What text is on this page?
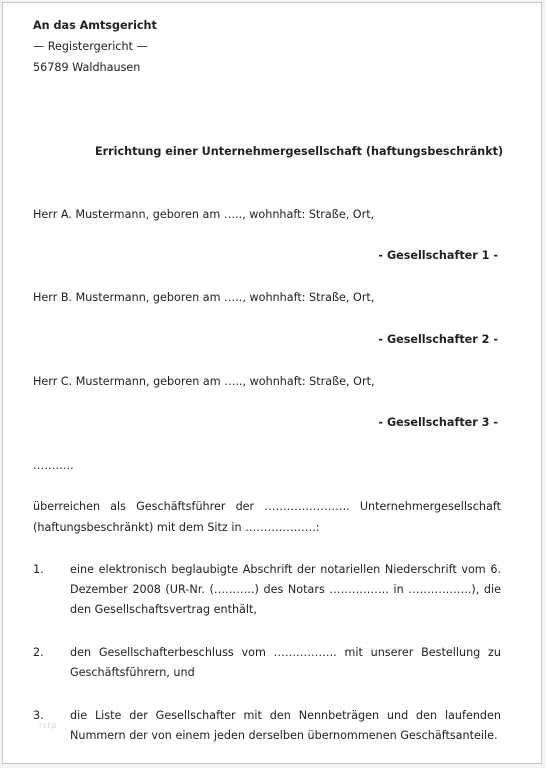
An das Amtsgericht
— Registergericht —
56789 Waldhausen
Errichtung einer Unternehmergesellschaft (haftungsbeschränkt)
Herr A. Mustermann, geboren am ….., wohnhaft: Straße, Ort,
- Gesellschafter 1 -
Herr B. Mustermann, geboren am ….., wohnhaft: Straße, Ort,
- Gesellschafter 2 -
Herr C. Mustermann, geboren am ….., wohnhaft: Straße, Ort,
- Gesellschafter 3 -
………..
überreichen als Geschäftsführer der ………………….. Unternehmergesellschaft
(haftungsbeschränkt) mit dem Sitz in ……………….:
1. eine elektronisch beglaubigte Abschrift der notariellen Niederschrift vom 6.
Dezember 2008 (UR-Nr. (………..) des Notars ……………. in ……………..), die
den Gesellschaftsvertrag enthält,
2. den Gesellschafterbeschluss vom …………….. mit unserer Bestellung zu
Geschäftsführern, und
3. die Liste der Gesellschafter mit den Nennbeträgen und den laufenden
Nummern der von einem jeden derselben übernommenen Geschäftsanteile.
Istp
